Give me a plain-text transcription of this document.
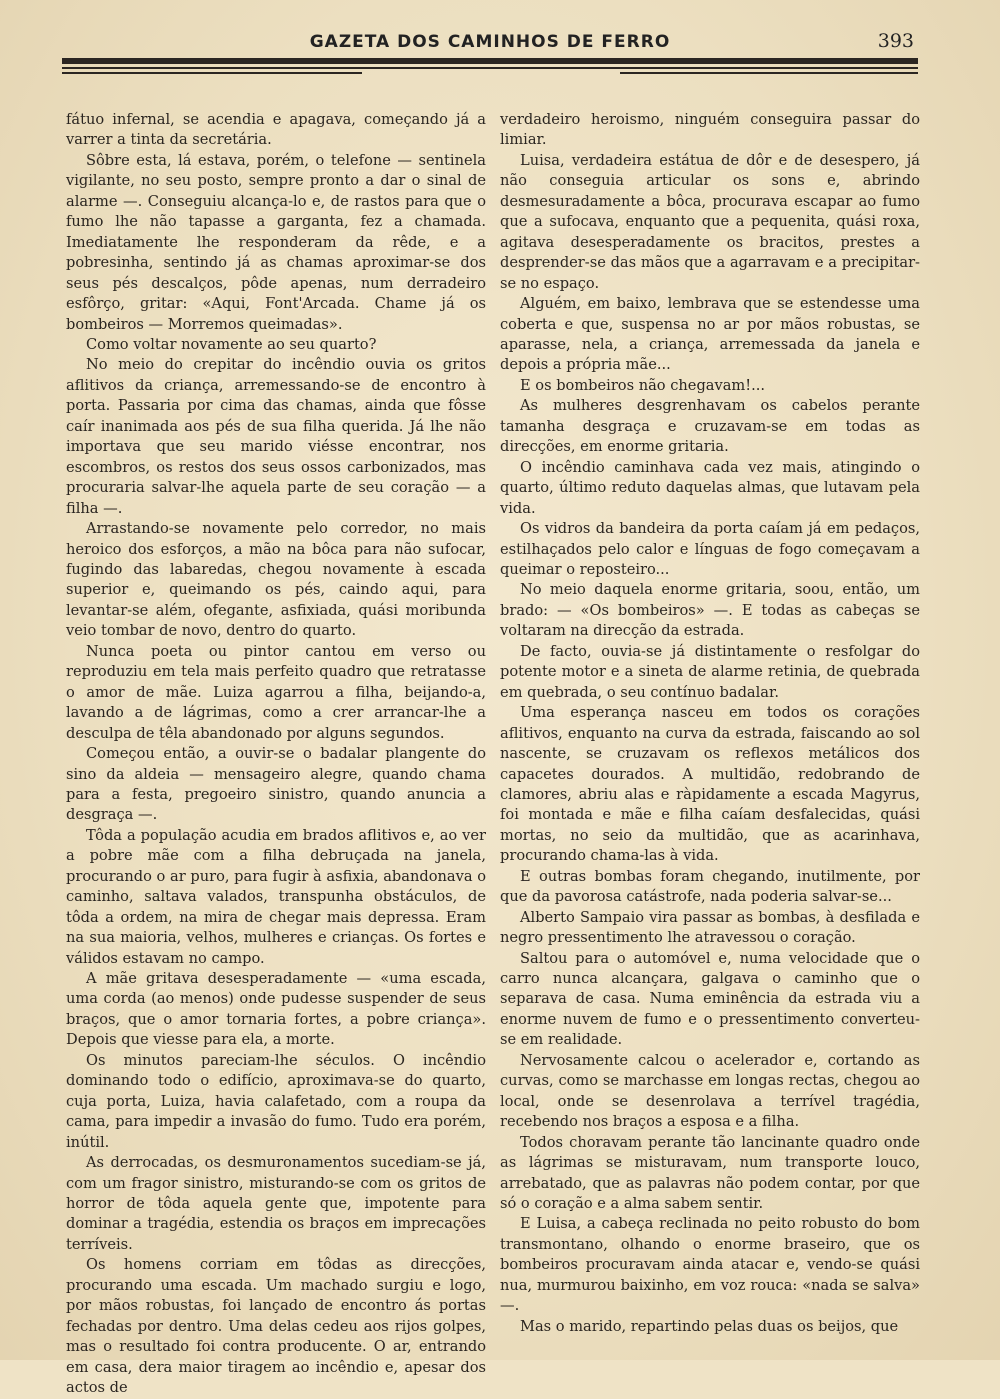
GAZETA DOS CAMINHOS DE FERRO	393

fátuo infernal, se acendia e apagava, começando já a varrer a tinta da secretária.

Sôbre esta, lá estava, porém, o telefone — sentinela vigilante, no seu posto, sempre pronto a dar o sinal de alarme —. Conseguiu alcança-lo e, de rastos para que o fumo lhe não tapasse a garganta, fez a chamada. Imediatamente lhe responderam da rêde, e a pobresinha, sentindo já as chamas aproximar-se dos seus pés descalços, pôde apenas, num derradeiro esfôrço, gritar: «Aqui, Font'Arcada. Chame já os bombeiros — Morremos queimadas».

Como voltar novamente ao seu quarto?

No meio do crepitar do incêndio ouvia os gritos aflitivos da criança, arremessando-se de encontro à porta. Passaria por cima das chamas, ainda que fôsse caír inanimada aos pés de sua filha querida. Já lhe não importava que seu marido viésse encontrar, nos escombros, os restos dos seus ossos carbonizados, mas procuraria salvar-lhe aquela parte de seu coração — a filha —.

Arrastando-se novamente pelo corredor, no mais heroico dos esforços, a mão na bôca para não sufocar, fugindo das labaredas, chegou novamente à escada superior e, queimando os pés, caindo aqui, para levantar-se além, ofegante, asfixiada, quási moribunda veio tombar de novo, dentro do quarto.

Nunca poeta ou pintor cantou em verso ou reproduziu em tela mais perfeito quadro que retratasse o amor de mãe. Luiza agarrou a filha, beijando-a, lavando a de lágrimas, como a crer arrancar-lhe a desculpa de têla abandonado por alguns segundos.

Começou então, a ouvir-se o badalar plangente do sino da aldeia — mensageiro alegre, quando chama para a festa, pregoeiro sinistro, quando anuncia a desgraça —.

Tôda a população acudia em brados aflitivos e, ao ver a pobre mãe com a filha debruçada na janela, procurando o ar puro, para fugir à asfixia, abandonava o caminho, saltava valados, transpunha obstáculos, de tôda a ordem, na mira de chegar mais depressa. Eram na sua maioria, velhos, mulheres e crianças. Os fortes e válidos estavam no campo.

A mãe gritava desesperadamente — «uma escada, uma corda (ao menos) onde pudesse suspender de seus braços, que o amor tornaria fortes, a pobre criança». Depois que viesse para ela, a morte.

Os minutos pareciam-lhe séculos. O incêndio dominando todo o edifício, aproximava-se do quarto, cuja porta, Luiza, havia calafetado, com a roupa da cama, para impedir a invasão do fumo. Tudo era porém, inútil.

As derrocadas, os desmuronamentos sucediam-se já, com um fragor sinistro, misturando-se com os gritos de horror de tôda aquela gente que, impotente para dominar a tragédia, estendia os braços em imprecações terríveis.

Os homens corriam em tôdas as direcções, procurando uma escada. Um machado surgiu e logo, por mãos robustas, foi lançado de encontro ás portas fechadas por dentro. Uma delas cedeu aos rijos golpes, mas o resultado foi contra producente. O ar, entrando em casa, dera maior tiragem ao incêndio e, apesar dos actos de

verdadeiro heroismo, ninguém conseguira passar do limiar.

Luisa, verdadeira estátua de dôr e de desespero, já não conseguia articular os sons e, abrindo desmesuradamente a bôca, procurava escapar ao fumo que a sufocava, enquanto que a pequenita, quási roxa, agitava desesperadamente os bracitos, prestes a desprender-se das mãos que a agarravam e a precipitar-se no espaço.

Alguém, em baixo, lembrava que se estendesse uma coberta e que, suspensa no ar por mãos robustas, se aparasse, nela, a criança, arremessada da janela e depois a própria mãe...

E os bombeiros não chegavam!...

As mulheres desgrenhavam os cabelos perante tamanha desgraça e cruzavam-se em todas as direcções, em enorme gritaria.

O incêndio caminhava cada vez mais, atingindo o quarto, último reduto daquelas almas, que lutavam pela vida.

Os vidros da bandeira da porta caíam já em pedaços, estilhaçados pelo calor e línguas de fogo começavam a queimar o reposteiro...

No meio daquela enorme gritaria, soou, então, um brado: — «Os bombeiros» —. E todas as cabeças se voltaram na direcção da estrada.

De facto, ouvia-se já distintamente o resfolgar do potente motor e a sineta de alarme retinia, de quebrada em quebrada, o seu contínuo badalar.

Uma esperança nasceu em todos os corações aflitivos, enquanto na curva da estrada, faiscando ao sol nascente, se cruzavam os reflexos metálicos dos capacetes dourados. A multidão, redobrando de clamores, abriu alas e ràpidamente a escada Magyrus, foi montada e mãe e filha caíam desfalecidas, quási mortas, no seio da multidão, que as acarinhava, procurando chama-las à vida.

E outras bombas foram chegando, inutilmente, por que da pavorosa catástrofe, nada poderia salvar-se...

Alberto Sampaio vira passar as bombas, à desfilada e negro pressentimento lhe atravessou o coração.

Saltou para o automóvel e, numa velocidade que o carro nunca alcançara, galgava o caminho que o separava de casa. Numa eminência da estrada viu a enorme nuvem de fumo e o pressentimento converteu-se em realidade.

Nervosamente calcou o acelerador e, cortando as curvas, como se marchasse em longas rectas, chegou ao local, onde se desenrolava a terrível tragédia, recebendo nos braços a esposa e a filha.

Todos choravam perante tão lancinante quadro onde as lágrimas se misturavam, num transporte louco, arrebatado, que as palavras não podem contar, por que só o coração e a alma sabem sentir.

E Luisa, a cabeça reclinada no peito robusto do bom transmontano, olhando o enorme braseiro, que os bombeiros procuravam ainda atacar e, vendo-se quási nua, murmurou baixinho, em voz rouca: «nada se salva» —.

Mas o marido, repartindo pelas duas os beijos, que
